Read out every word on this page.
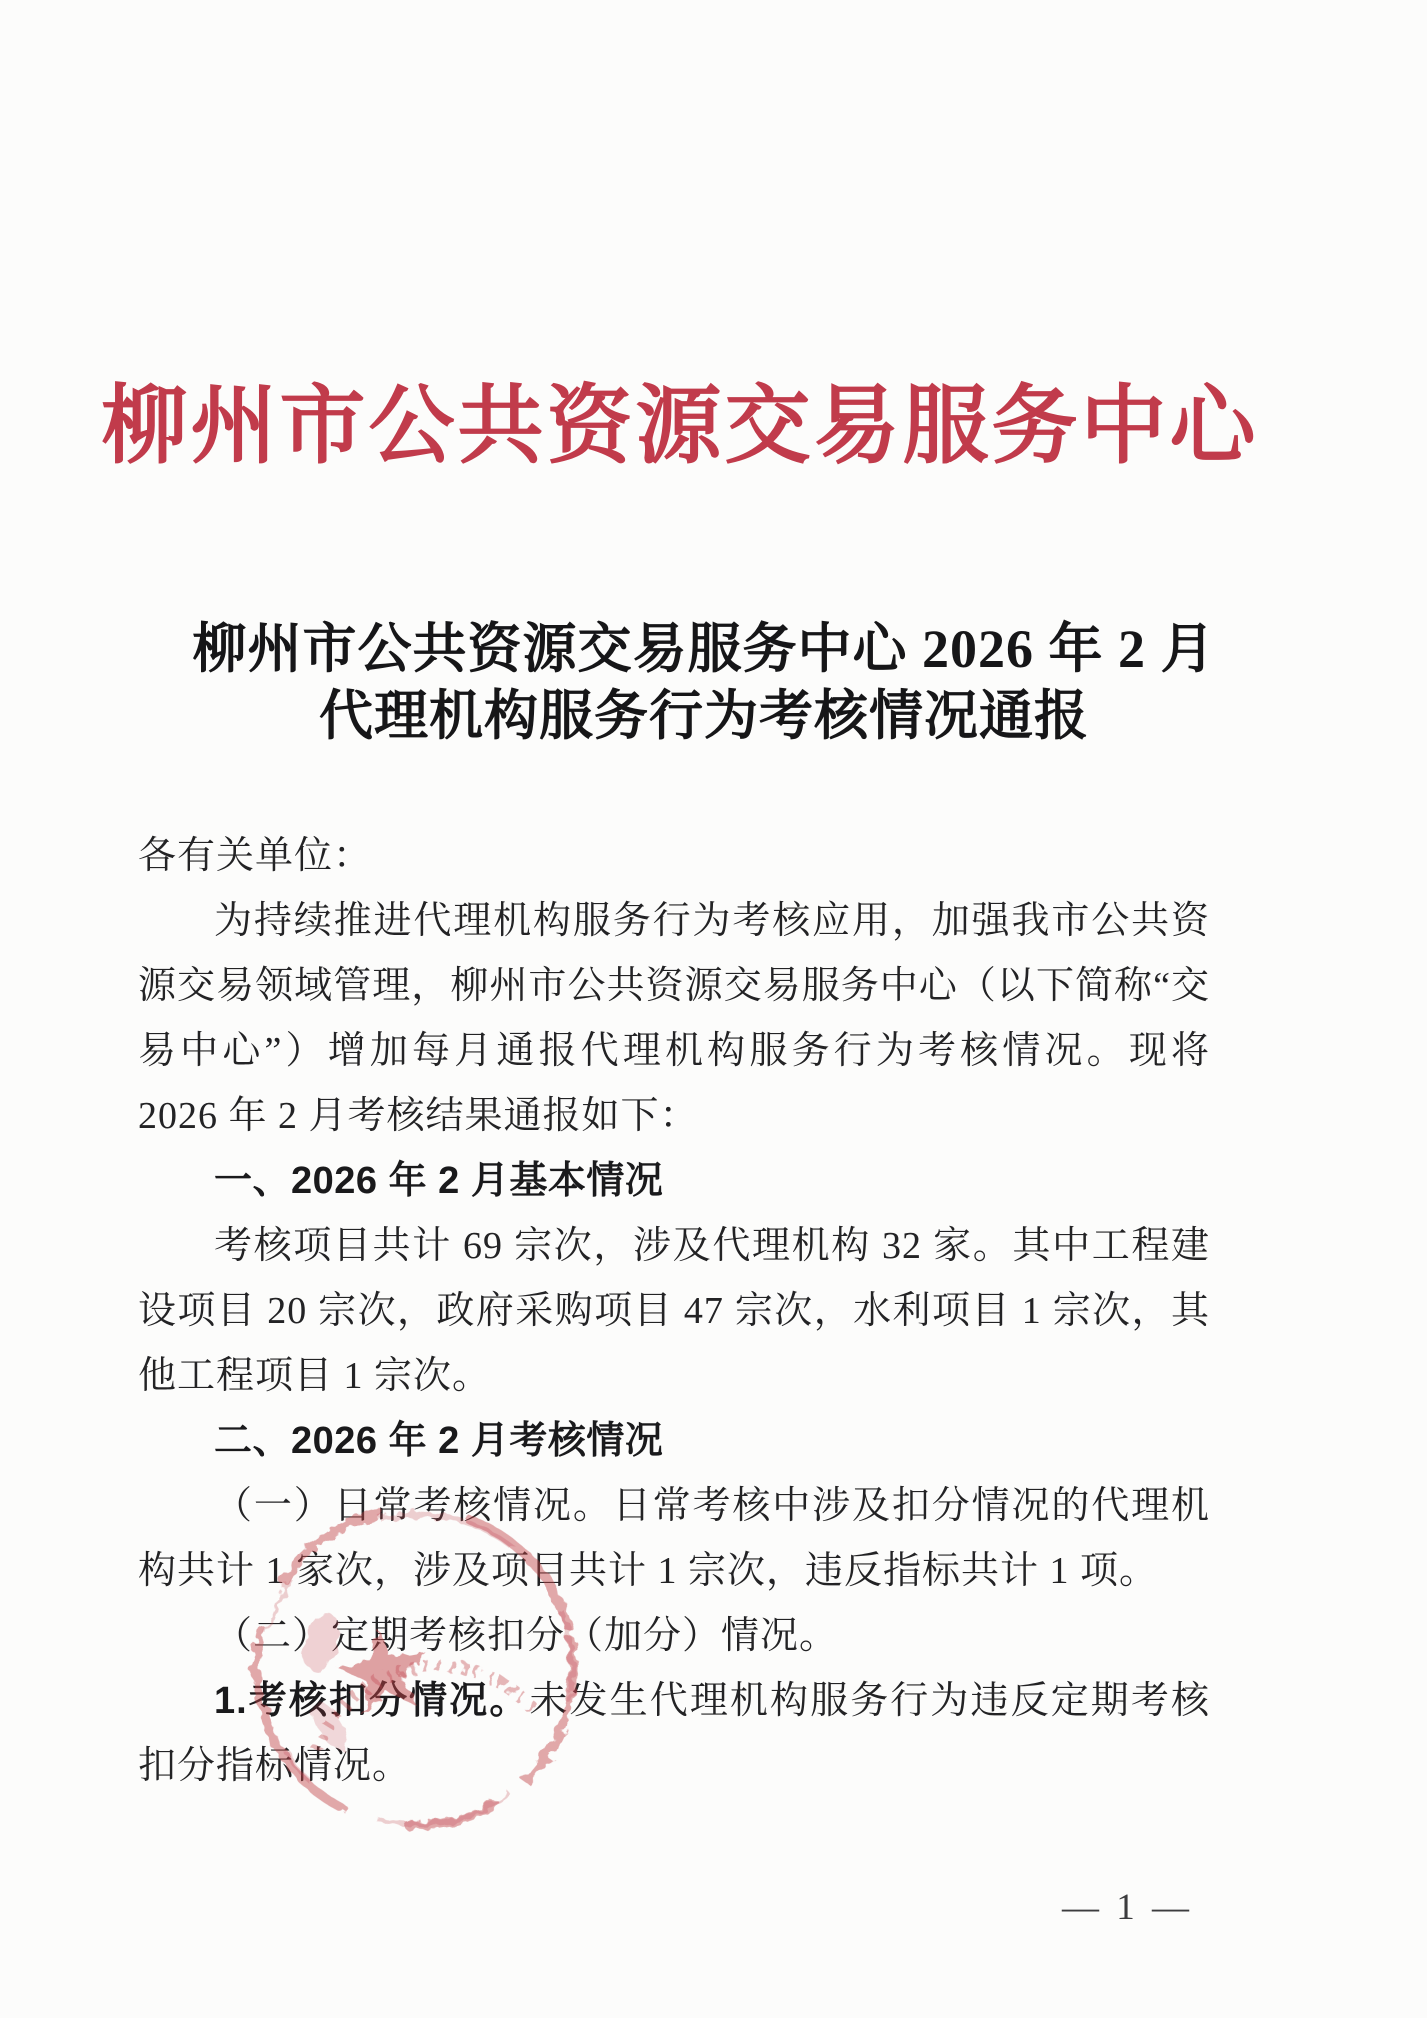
柳州市公共资源交易服务中心
柳州市公共资源交易服务中心 2026 年 2 月
代理机构服务行为考核情况通报

各有关单位：

为持续推进代理机构服务行为考核应用，加强我市公共资源交易领域管理，柳州市公共资源交易服务中心（以下简称“交易中心”）增加每月通报代理机构服务行为考核情况。现将 2026 年 2 月考核结果通报如下：

一、2026 年 2 月基本情况

考核项目共计 69 宗次，涉及代理机构 32 家。其中工程建设项目 20 宗次，政府采购项目 47 宗次，水利项目 1 宗次，其他工程项目 1 宗次。

二、2026 年 2 月考核情况

（一）日常考核情况。日常考核中涉及扣分情况的代理机构共计 1 家次，涉及项目共计 1 宗次，违反指标共计 1 项。

（二）定期考核扣分（加分）情况。

1.考核扣分情况。未发生代理机构服务行为违反定期考核扣分指标情况。

— 1 —
